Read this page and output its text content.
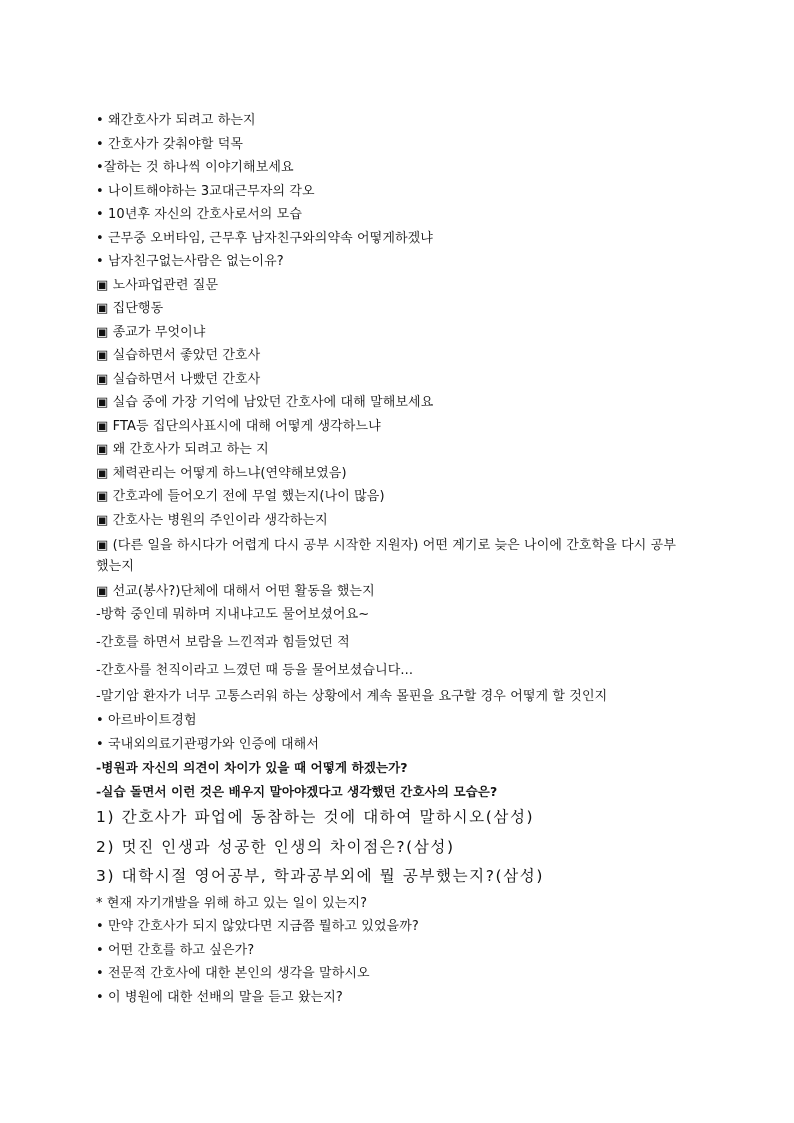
• 왜간호사가 되려고 하는지
• 간호사가 갖춰야할 덕목
•잘하는 것 하나씩 이야기해보세요
• 나이트해야하는 3교대근무자의 각오
• 10년후 자신의 간호사로서의 모습
• 근무중 오버타임, 근무후 남자친구와의약속 어떻게하겠냐
• 남자친구없는사람은 없는이유?
▣ 노사파업관련 질문
▣ 집단행동
▣ 종교가 무엇이냐
▣ 실습하면서 좋았던 간호사
▣ 실습하면서 나빴던 간호사
▣ 실습 중에 가장 기억에 남았던 간호사에 대해 말해보세요
▣ FTA등 집단의사표시에 대해 어떻게 생각하느냐
▣ 왜 간호사가 되려고 하는 지
▣ 체력관리는 어떻게 하느냐(연약해보였음)
▣ 간호과에 들어오기 전에 무얼 했는지(나이 많음)
▣ 간호사는 병원의 주인이라 생각하는지
▣ (다른 일을 하시다가 어렵게 다시 공부 시작한 지원자) 어떤 계기로 늦은 나이에 간호학을 다시 공부했는지
▣ 선교(봉사?)단체에 대해서 어떤 활동을 했는지
-방학 중인데 뭐하며 지내냐고도 물어보셨어요~
-간호를 하면서 보람을 느낀적과 힘들었던 적
-간호사를 천직이라고 느꼈던 때 등을 물어보셨습니다...
-말기암 환자가 너무 고통스러워 하는 상황에서 계속 몰핀을 요구할 경우 어떻게 할 것인지
• 아르바이트경험
• 국내외의료기관평가와 인증에 대해서
-병원과 자신의 의견이 차이가 있을 때 어떻게 하겠는가?
-실습 돌면서 이런 것은 배우지 말아야겠다고 생각했던 간호사의 모습은?
1) 간호사가 파업에 동참하는 것에 대하여 말하시오(삼성)
2) 멋진 인생과 성공한 인생의 차이점은?(삼성)
3) 대학시절 영어공부, 학과공부외에 뭘 공부했는지?(삼성)
* 현재 자기개발을 위해 하고 있는 일이 있는지?
• 만약 간호사가 되지 않았다면 지금쯤 뭘하고 있었을까?
• 어떤 간호를 하고 싶은가?
• 전문적 간호사에 대한 본인의 생각을 말하시오
• 이 병원에 대한 선배의 말을 듣고 왔는지?
